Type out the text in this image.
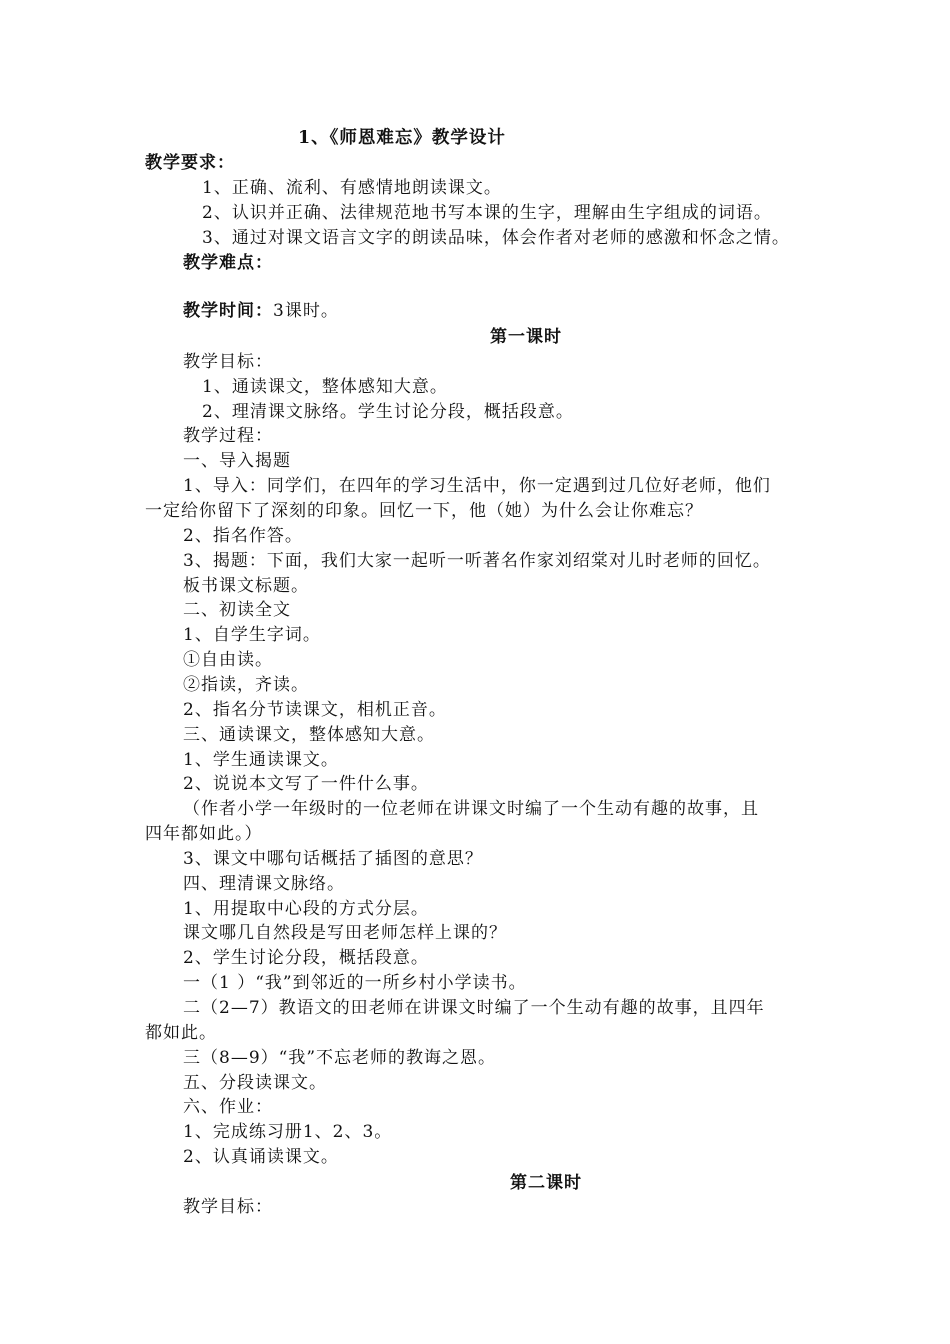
1、《师恩难忘》教学设计
教学要求：
1、正确、流利、有感情地朗读课文。
2、认识并正确、法律规范地书写本课的生字，理解由生字组成的词语。
3、通过对课文语言文字的朗读品味，体会作者对老师的感激和怀念之情。
教学难点：
教学时间：3课时。
第一课时
教学目标：
1、通读课文，整体感知大意。
2、理清课文脉络。学生讨论分段，概括段意。
教学过程：
一、导入揭题
1、导入：同学们，在四年的学习生活中，你一定遇到过几位好老师，他们
一定给你留下了深刻的印象。回忆一下，他（她）为什么会让你难忘？
2、指名作答。
3、揭题：下面，我们大家一起听一听著名作家刘绍棠对儿时老师的回忆。
板书课文标题。
二、初读全文
1、自学生字词。
①自由读。
②指读，齐读。
2、指名分节读课文，相机正音。
三、通读课文，整体感知大意。
1、学生通读课文。
2、说说本文写了一件什么事。
（作者小学一年级时的一位老师在讲课文时编了一个生动有趣的故事，且
四年都如此。）
3、课文中哪句话概括了插图的意思？
四、理清课文脉络。
1、用提取中心段的方式分层。
课文哪几自然段是写田老师怎样上课的？
2、学生讨论分段，概括段意。
一（1 ）“我”到邻近的一所乡村小学读书。
二（2—7）教语文的田老师在讲课文时编了一个生动有趣的故事，且四年
都如此。
三（8—9）“我”不忘老师的教诲之恩。
五、分段读课文。
六、作业：
1、完成练习册1、2、3。
2、认真诵读课文。
第二课时
教学目标：
